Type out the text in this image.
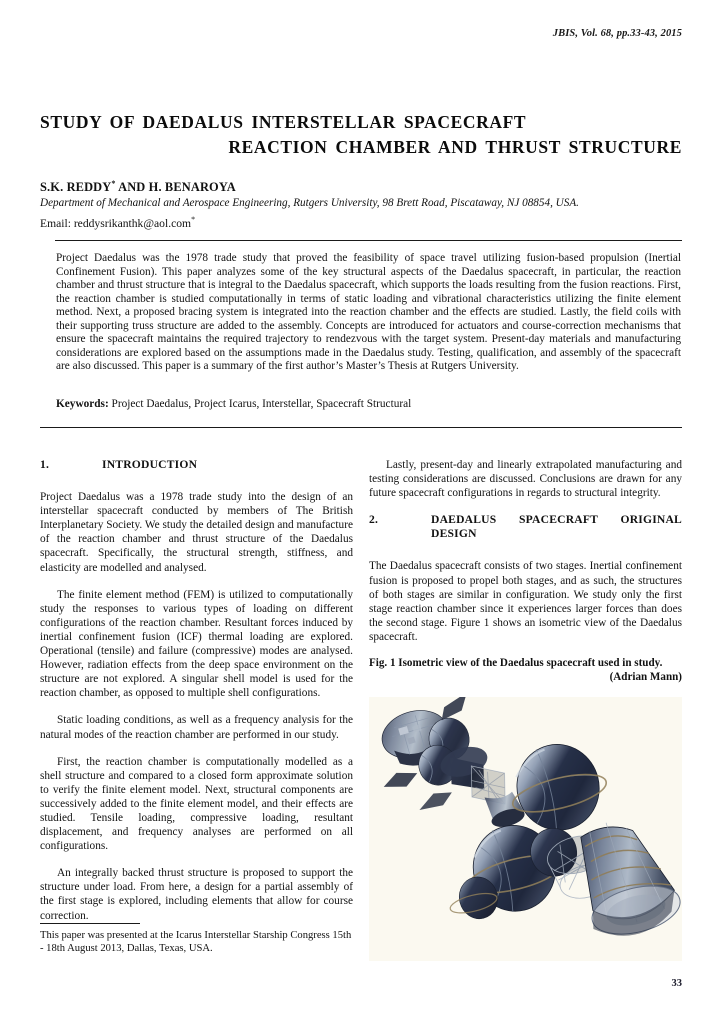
JBIS, Vol. 68, pp.33-43, 2015
STUDY OF DAEDALUS INTERSTELLAR SPACECRAFT
REACTION CHAMBER AND THRUST STRUCTURE
S.K. REDDY* AND H. BENAROYA
Department of Mechanical and Aerospace Engineering, Rutgers University, 98 Brett Road, Piscataway, NJ 08854, USA.
Email: reddysrikanthk@aol.com*
Project Daedalus was the 1978 trade study that proved the feasibility of space travel utilizing fusion-based propulsion (Inertial Confinement Fusion). This paper analyzes some of the key structural aspects of the Daedalus spacecraft, in particular, the reaction chamber and thrust structure that is integral to the Daedalus spacecraft, which supports the loads resulting from the fusion reactions. First, the reaction chamber is studied computationally in terms of static loading and vibrational characteristics utilizing the finite element method. Next, a proposed bracing system is integrated into the reaction chamber and the effects are studied. Lastly, the field coils with their supporting truss structure are added to the assembly. Concepts are introduced for actuators and course-correction mechanisms that ensure the spacecraft maintains the required trajectory to rendezvous with the target system. Present-day materials and manufacturing considerations are explored based on the assumptions made in the Daedalus study. Testing, qualification, and assembly of the spacecraft are also discussed. This paper is a summary of the first author’s Master’s Thesis at Rutgers University.
Keywords: Project Daedalus, Project Icarus, Interstellar, Spacecraft Structural
1.	INTRODUCTION

Project Daedalus was a 1978 trade study into the design of an interstellar spacecraft conducted by members of The British Interplanetary Society. We study the detailed design and manufacture of the reaction chamber and thrust structure of the Daedalus spacecraft. Specifically, the structural strength, stiffness, and elasticity are modelled and analysed.

The finite element method (FEM) is utilized to computationally study the responses to various types of loading on different configurations of the reaction chamber. Resultant forces induced by inertial confinement fusion (ICF) thermal loading are explored. Operational (tensile) and failure (compressive) modes are analysed. However, radiation effects from the deep space environment on the structure are not explored. A singular shell model is used for the reaction chamber, as opposed to multiple shell configurations.

Static loading conditions, as well as a frequency analysis for the natural modes of the reaction chamber are performed in our study.

First, the reaction chamber is computationally modelled as a shell structure and compared to a closed form approximate solution to verify the finite element model. Next, structural components are successively added to the finite element model, and their effects are studied. Tensile loading, compressive loading, resultant displacement, and frequency analyses are performed on all configurations.

An integrally backed thrust structure is proposed to support the structure under load. From here, a design for a partial assembly of the first stage is explored, including elements that allow for course correction.

This paper was presented at the Icarus Interstellar Starship Congress 15th - 18th August 2013, Dallas, Texas, USA.

Lastly, present-day and linearly extrapolated manufacturing and testing considerations are discussed. Conclusions are drawn for any future spacecraft configurations in regards to structural integrity.

2.	DAEDALUS SPACECRAFT ORIGINAL DESIGN

The Daedalus spacecraft consists of two stages. Inertial confinement fusion is proposed to propel both stages, and as such, the structures of both stages are similar in configuration. We study only the first stage reaction chamber since it experiences larger forces than does the second stage. Figure 1 shows an isometric view of the Daedalus spacecraft.

Fig. 1 Isometric view of the Daedalus spacecraft used in study.
(Adrian Mann)
33
